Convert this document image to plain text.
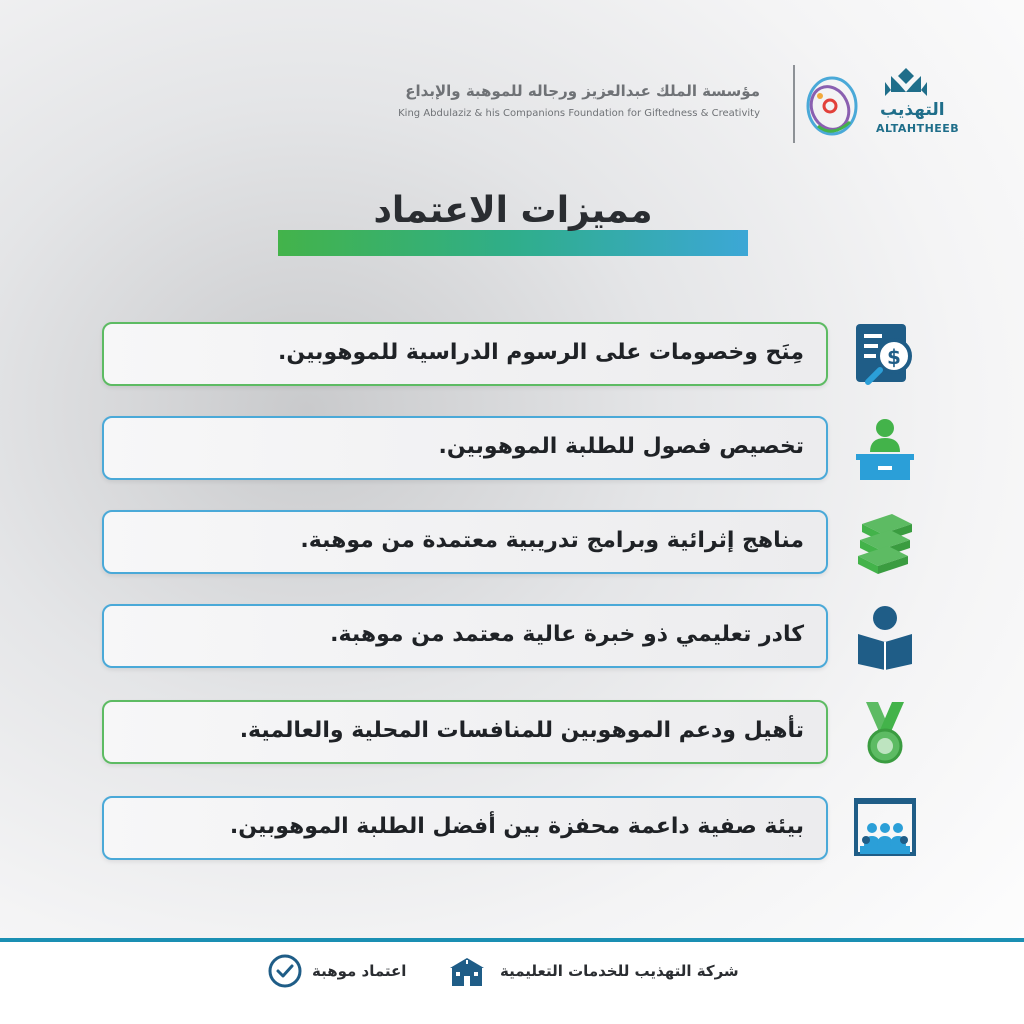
مؤسسة الملك عبدالعزيز ورجاله للموهبة والإبداع
King Abdulaziz & his Companions Foundation for Giftedness & Creativity	التهذيب
ALTAHTHEEB
مميزات الاعتماد
مِنَح وخصومات على الرسوم الدراسية للموهوبين.	$
تخصيص فصول للطلبة الموهوبين.
مناهج إثرائية وبرامج تدريبية معتمدة من موهبة.
كادر تعليمي ذو خبرة عالية معتمد من موهبة.
تأهيل ودعم الموهوبين للمنافسات المحلية والعالمية.
بيئة صفية داعمة محفزة بين أفضل الطلبة الموهوبين.
شركة التهذيب للخدمات التعليمية
اعتماد موهبة
